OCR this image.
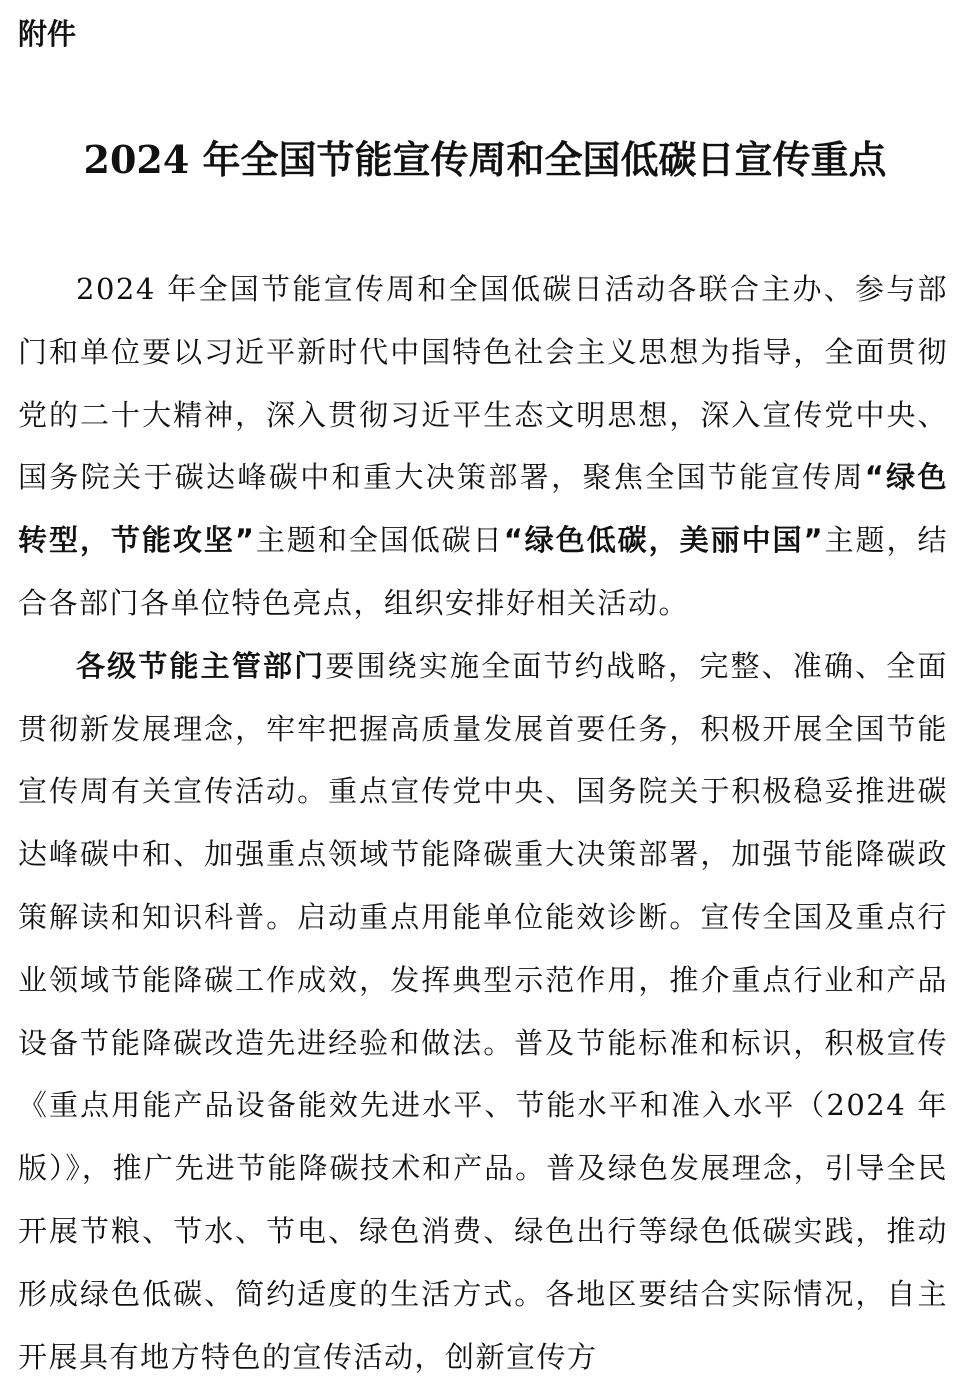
附件

2024 年全国节能宣传周和全国低碳日宣传重点

2024 年全国节能宣传周和全国低碳日活动各联合主办、参与部门和单位要以习近平新时代中国特色社会主义思想为指导，全面贯彻党的二十大精神，深入贯彻习近平生态文明思想，深入宣传党中央、国务院关于碳达峰碳中和重大决策部署，聚焦全国节能宣传周“绿色转型，节能攻坚”主题和全国低碳日“绿色低碳，美丽中国”主题，结合各部门各单位特色亮点，组织安排好相关活动。

各级节能主管部门要围绕实施全面节约战略，完整、准确、全面贯彻新发展理念，牢牢把握高质量发展首要任务，积极开展全国节能宣传周有关宣传活动。重点宣传党中央、国务院关于积极稳妥推进碳达峰碳中和、加强重点领域节能降碳重大决策部署，加强节能降碳政策解读和知识科普。启动重点用能单位能效诊断。宣传全国及重点行业领域节能降碳工作成效，发挥典型示范作用，推介重点行业和产品设备节能降碳改造先进经验和做法。普及节能标准和标识，积极宣传《重点用能产品设备能效先进水平、节能水平和准入水平（2024 年版）》，推广先进节能降碳技术和产品。普及绿色发展理念，引导全民开展节粮、节水、节电、绿色消费、绿色出行等绿色低碳实践，推动形成绿色低碳、简约适度的生活方式。各地区要结合实际情况，自主开展具有地方特色的宣传活动，创新宣传方
